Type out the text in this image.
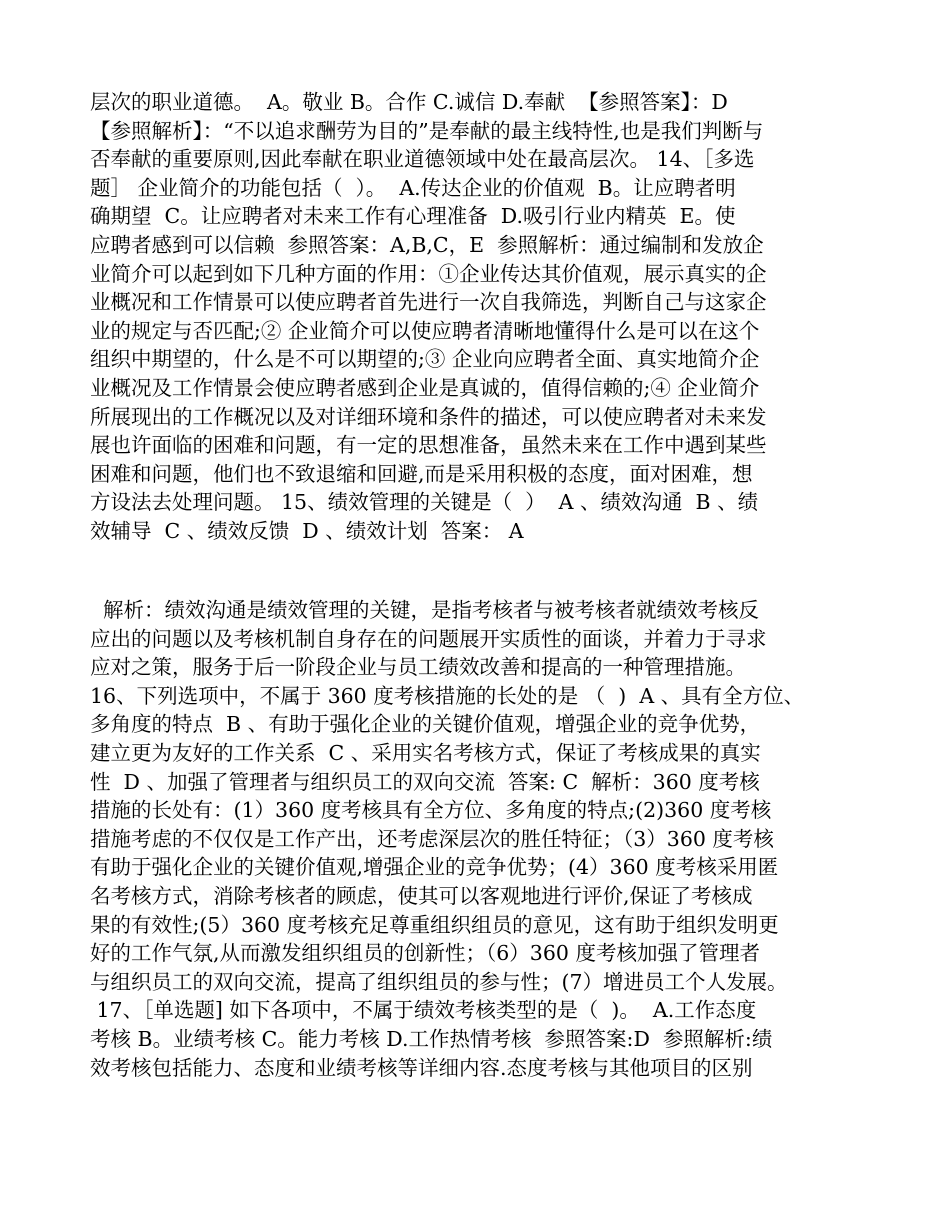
层次的职业道德。  A。敬业 B。合作 C.诚信 D.奉献  【参照答案】：D
【参照解析】：“不以追求酬劳为目的”是奉献的最主线特性,也是我们判断与
否奉献的重要原则,因此奉献在职业道德领域中处在最高层次。 14、［多选
题］ 企业简介的功能包括（  ）。  A.传达企业的价值观  B。让应聘者明
确期望  C。让应聘者对未来工作有心理准备  D.吸引行业内精英  E。使
应聘者感到可以信赖  参照答案：A,B,C，E  参照解析：通过编制和发放企
业简介可以起到如下几种方面的作用：①企业传达其价值观，展示真实的企
业概况和工作情景可以使应聘者首先进行一次自我筛选，判断自己与这家企
业的规定与否匹配;② 企业简介可以使应聘者清晰地懂得什么是可以在这个
组织中期望的，什么是不可以期望的;③ 企业向应聘者全面、真实地简介企
业概况及工作情景会使应聘者感到企业是真诚的，值得信赖的;④ 企业简介
所展现出的工作概况以及对详细环境和条件的描述，可以使应聘者对未来发
展也许面临的困难和问题，有一定的思想准备，虽然未来在工作中遇到某些
困难和问题，他们也不致退缩和回避,而是采用积极的态度，面对困难，想
方设法去处理问题。 15、绩效管理的关键是（  ）  A 、绩效沟通  B 、绩
效辅导  C 、绩效反馈  D 、绩效计划  答案： A
解析：绩效沟通是绩效管理的关键，是指考核者与被考核者就绩效考核反
应出的问题以及考核机制自身存在的问题展开实质性的面谈，并着力于寻求
应对之策，服务于后一阶段企业与员工绩效改善和提高的一种管理措施。
16、下列选项中，不属于 360 度考核措施的长处的是 （  )  A 、具有全方位、
多角度的特点  B 、有助于强化企业的关键价值观，增强企业的竞争优势，
建立更为友好的工作关系  C 、采用实名考核方式，保证了考核成果的真实
性  D 、加强了管理者与组织员工的双向交流  答案: C  解析：360 度考核
措施的长处有：(1）360 度考核具有全方位、多角度的特点;(2)360 度考核
措施考虑的不仅仅是工作产出，还考虑深层次的胜任特征；（3）360 度考核
有助于强化企业的关键价值观,增强企业的竞争优势；(4）360 度考核采用匿
名考核方式，消除考核者的顾虑，使其可以客观地进行评价,保证了考核成
果的有效性;(5）360 度考核充足尊重组织组员的意见，这有助于组织发明更
好的工作气氛,从而激发组织组员的创新性；（6）360 度考核加强了管理者
与组织员工的双向交流，提高了组织组员的参与性；(7）增进员工个人发展。
17、［单选题] 如下各项中，不属于绩效考核类型的是（  )。  A.工作态度
考核 B。业绩考核 C。能力考核 D.工作热情考核  参照答案:D  参照解析:绩
效考核包括能力、态度和业绩考核等详细内容.态度考核与其他项目的区别
